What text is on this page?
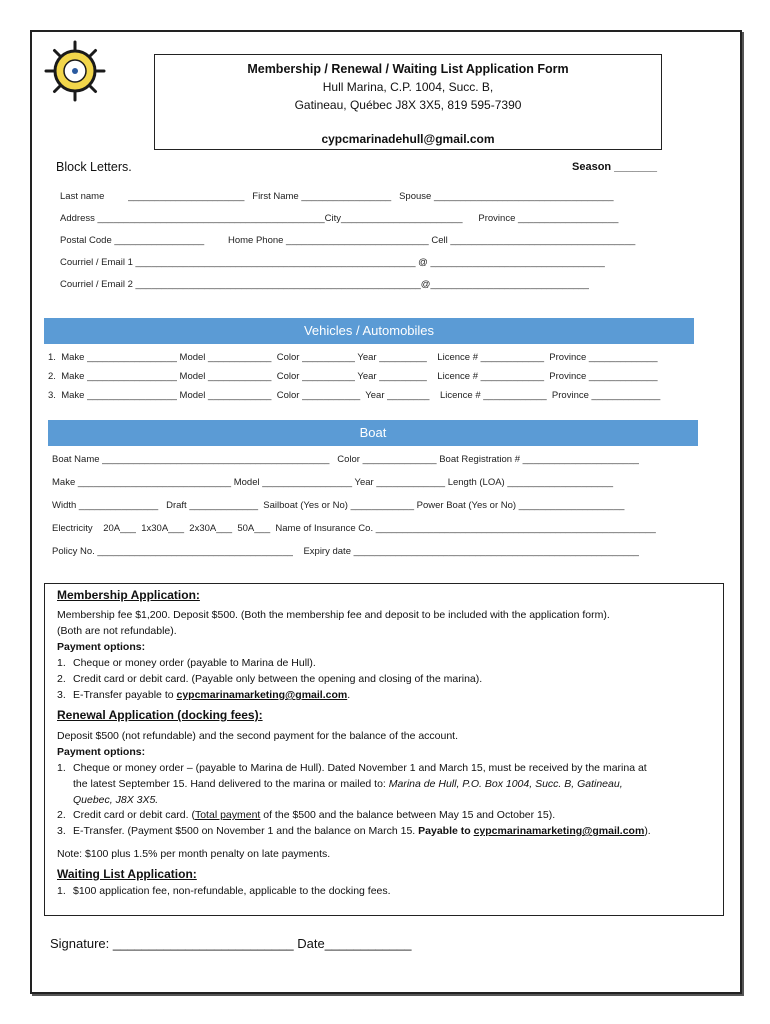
Membership / Renewal / Waiting List Application Form
Hull Marina, C.P. 1004, Succ. B,
Gatineau, Québec J8X 3X5, 819 595-7390
cypcmarinadehull@gmail.com
Block Letters.	Season _______
Last name         ______________________   First Name _________________   Spouse __________________________________
Address ___________________________________________City_______________________      Province ___________________
Postal Code _________________         Home Phone ___________________________ Cell ___________________________________
Courriel / Email 1 _____________________________________________________ @ _________________________________
Courriel / Email 2 ______________________________________________________@______________________________
Vehicles / Automobiles
1.  Make _________________ Model ____________  Color __________ Year _________    Licence # ____________  Province _____________
2.  Make _________________ Model ____________  Color __________ Year _________    Licence # ____________  Province _____________
3.  Make _________________ Model ____________  Color ___________  Year ________    Licence # ____________  Province _____________
Boat
Boat Name ___________________________________________   Color ______________ Boat Registration # ______________________
Make _____________________________ Model _________________ Year _____________ Length (LOA) ____________________
Width _______________   Draft _____________  Sailboat (Yes or No) ____________ Power Boat (Yes or No) ____________________
Electricity    20A___  1x30A___  2x30A___  50A___  Name of Insurance Co. _____________________________________________________
Policy No. _____________________________________    Expiry date ______________________________________________________
Membership Application:
Membership fee $1,200. Deposit $500. (Both the membership fee and deposit to be included with the application form).
(Both are not refundable).
Payment options:
1. Cheque or money order (payable to Marina de Hull).
2. Credit card or debit card. (Payable only between the opening and closing of the marina).
3. E-Transfer payable to cypcmarinamarketing@gmail.com.
Renewal Application (docking fees):
Deposit $500 (not refundable) and the second payment for the balance of the account.
Payment options:
1. Cheque or money order – (payable to Marina de Hull). Dated November 1 and March 15, must be received by the marina at
the latest September 15. Hand delivered to the marina or mailed to: Marina de Hull, P.O. Box 1004, Succ. B, Gatineau,
Quebec, J8X 3X5.
2. Credit card or debit card. (Total payment of the $500 and the balance between May 15 and October 15).
3. E-Transfer. (Payment $500 on November 1 and the balance on March 15. Payable to cypcmarinamarketing@gmail.com).
Note: $100 plus 1.5% per month penalty on late payments.
Waiting List Application:
1. $100 application fee, non-refundable, applicable to the docking fees.
Signature: _________________________ Date____________
